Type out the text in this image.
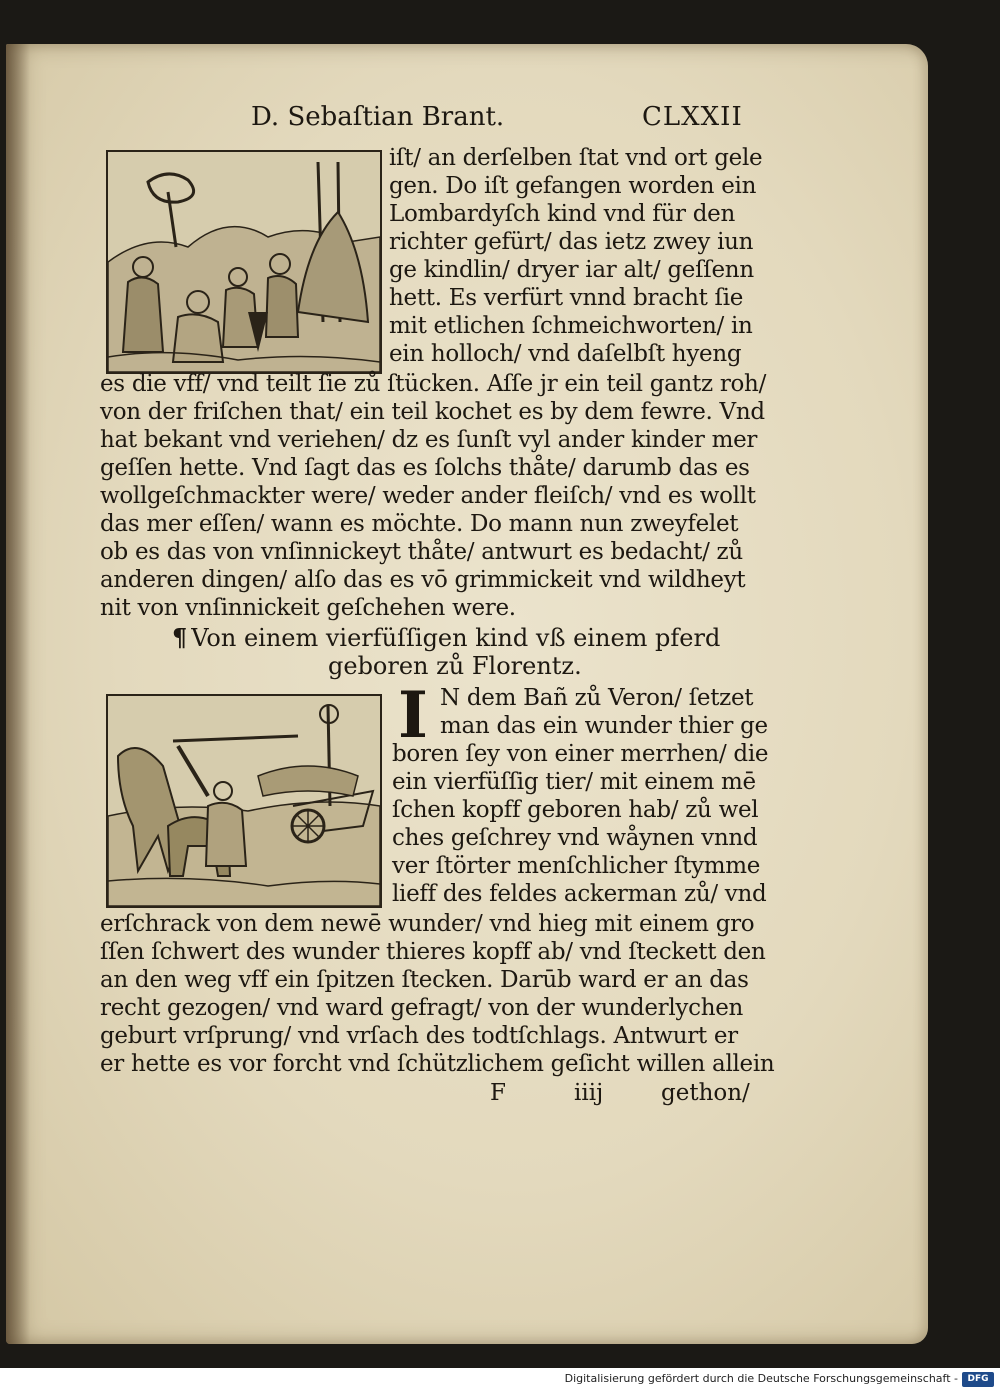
D. Sebaſtian Brant.	CLXXII
iſt/ an derſelben ſtat vnd ort gele
gen. Do iſt gefangen worden ein
Lombardyſch kind vnd für den
richter gefürt/ das ietz zwey iun
ge kindlin/ dryer iar alt/ geſſenn
hett. Es verfürt vnnd bracht ſie
mit etlichen ſchmeichworten/ in
ein holloch/ vnd daſelbſt hyeng
es die vff/ vnd teilt ſie zů ſtücken. Aſſe jr ein teil gantz roh/
von der friſchen that/ ein teil kochet es by dem fewre. Vnd
hat bekant vnd veriehen/ dz es ſunſt vyl ander kinder mer
geſſen hette. Vnd ſagt das es ſolchs thåte/ darumb das es
wollgeſchmackter were/ weder ander fleiſch/ vnd es wollt
das mer eſſen/ wann es möchte. Do mann nun zweyfelet
ob es das von vnſinnickeyt thåte/ antwurt es bedacht/ zů
anderen dingen/ alſo das es vō grimmickeit vnd wildheyt
nit von vnſinnickeit geſchehen were.
¶ Von einem vierfüſſigen kind vß einem pferd
geboren zů Florentz.
I N dem Bañ zů Veron/ ſetzet
man das ein wunder thier ge
boren ſey von einer merrhen/ die
ein vierfüſſig tier/ mit einem mē
ſchen kopff geboren hab/ zů wel
ches geſchrey vnd wåynen vnnd
ver ſtörter menſchlicher ſtymme
lieff des feldes ackerman zů/ vnd
erſchrack von dem newē wunder/ vnd hieg mit einem gro
ſſen ſchwert des wunder thieres kopff ab/ vnd ſteckett den
an den weg vff ein ſpitzen ſtecken. Darūb ward er an das
recht gezogen/ vnd ward gefragt/ von der wunderlychen
geburt vrſprung/ vnd vrſach des todtſchlags. Antwurt er
er hette es vor forcht vnd ſchützlichem geſicht willen allein
F	iiij	gethon/
Digitalisierung gefördert durch die Deutsche Forschungsgemeinschaft -	DFG
